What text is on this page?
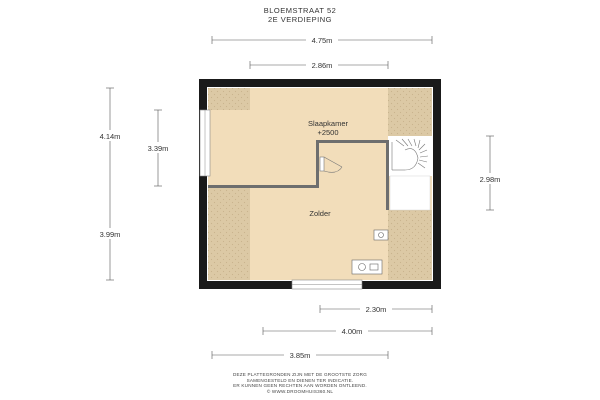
BLOEMSTRAAT 52
2E VERDIEPING
Slaapkamer
+2500
Zolder
4.75m
2.86m
4.14m
3.39m
3.99m
2.98m
2.30m
4.00m
3.85m
DEZE PLATTEGRONDEN ZIJN MET DE GROOTSTE ZORG
SAMENGESTELD EN DIENEN TER INDICATIE.
ER KUNNEN GEEN RECHTEN AAN WORDEN ONTLEEND.
© WWW.DROOMHUIS360.NL
